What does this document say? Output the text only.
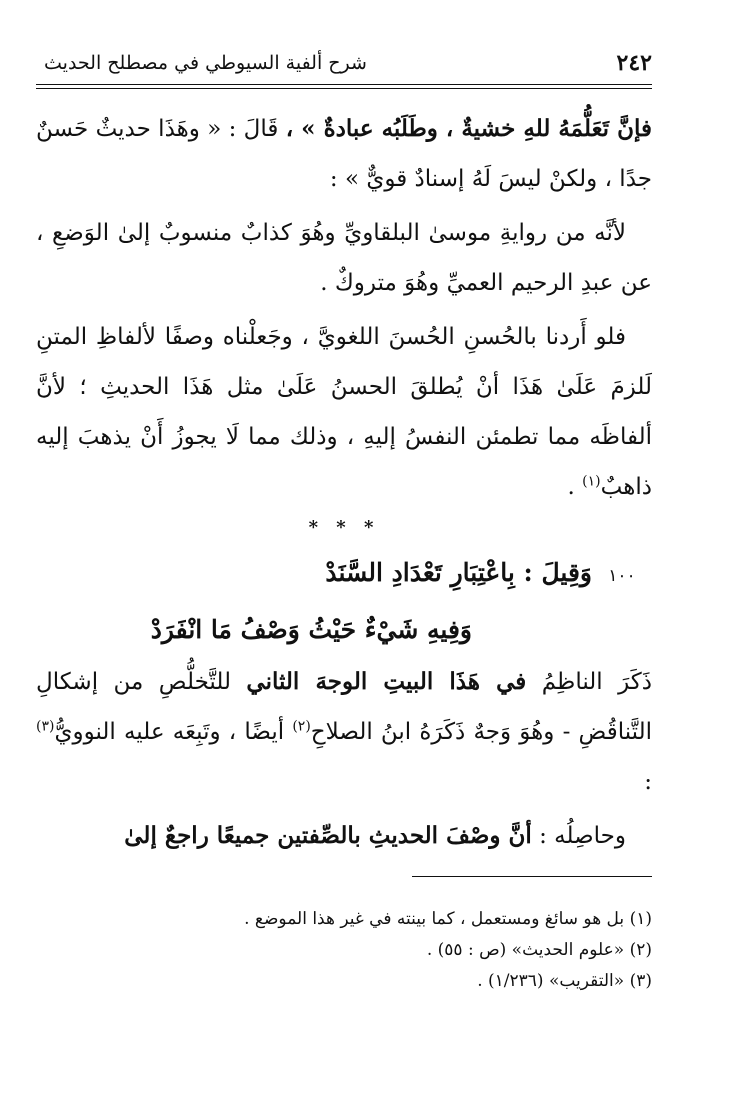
٢٤٢
شرح ألفية السيوطي في مصطلح الحديث

فإنَّ تَعَلُّمَهُ للهِ خشيةٌ ، وطَلَبُه عبادةٌ » ، قَالَ : « وهَذَا حديثٌ حَسنٌ جدًا ، ولكنْ ليسَ لَهُ إسنادٌ قويٌّ » :

لأنَّه من روايةِ موسىٰ البلقاويِّ وهُوَ كذابٌ منسوبٌ إلىٰ الوَضعِ ، عن عبدِ الرحيم العميِّ وهُوَ متروكٌ .

فلو أَردنا بالحُسنِ الحُسنَ اللغويَّ ، وجَعلْناه وصفًا لألفاظِ المتنِ لَلزمَ عَلَىٰ هَذَا أنْ يُطلقَ الحسنُ عَلَىٰ مثل هَذَا الحديثِ ؛ لأنَّ ألفاظَه مما تطمئن النفسُ إليهِ ، وذلك مما لَا يجوزُ أَنْ يذهبَ إليه ذاهبٌ$^{(١)}$ .

* * *
١٠٠
وَقِيلَ : بِاعْتِبَارِ تَعْدَادِ السَّنَدْ
وَفِيهِ شَيْءٌ حَيْثُ وَصْفُ مَا انْفَرَدْ

ذَكَرَ الناظِمُ في هَذَا البيتِ الوجهَ الثاني للتَّخلُّصِ من إشكالِ التَّناقُضِ - وهُوَ وَجهٌ ذَكَرَهُ ابنُ الصلاحِ$^{(٢)}$ أيضًا ، وتَبِعَه عليه النوويُّ$^{(٣)}$ :

وحاصِلُه : أنَّ وصْفَ الحديثِ بالصِّفتين جميعًا راجعٌ إلىٰ

(١) بل هو سائغ ومستعمل ، كما بينته في غير هذا الموضع .

(٢) «علوم الحديث» (ص : ٥٥) .

(٣) «التقريب» (١/٢٣٦) .
